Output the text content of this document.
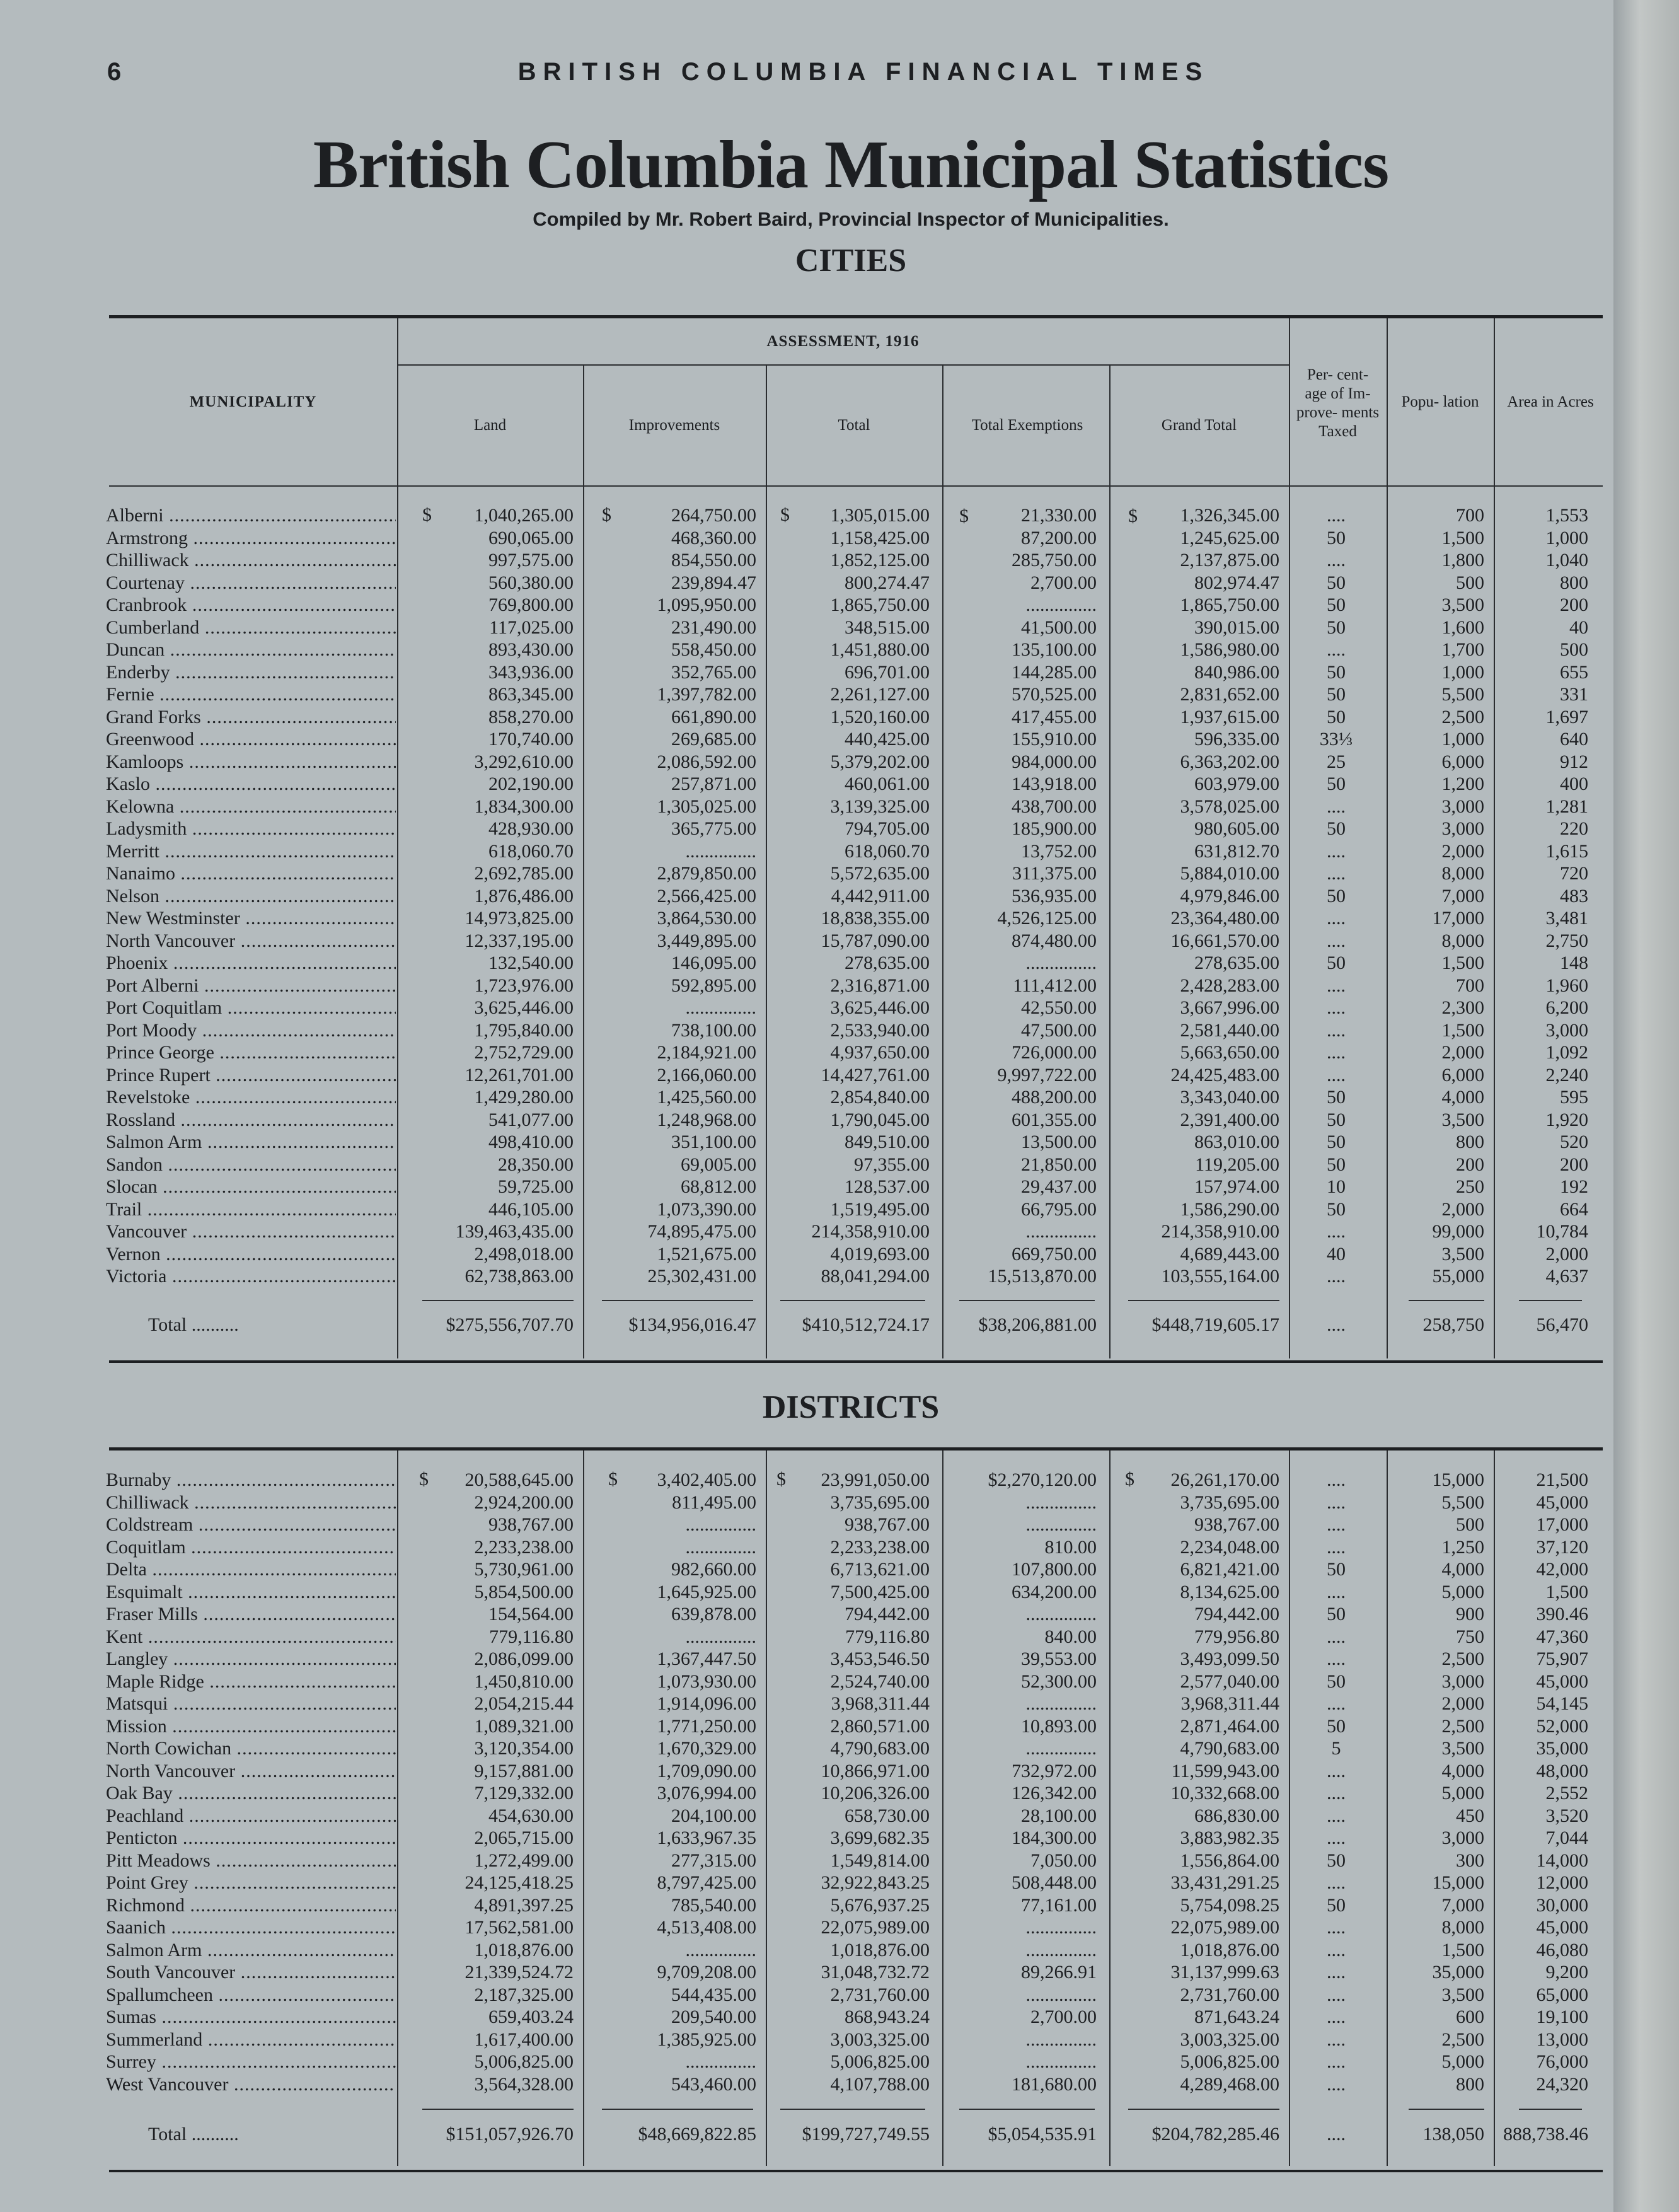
6	BRITISH COLUMBIA FINANCIAL TIMES
British Columbia Municipal Statistics
Compiled by Mr. Robert Baird, Provincial Inspector of Municipalities.
CITIES
MUNICIPALITY
ASSESSMENT, 1916
Land	Improvements	Total	Total Exemptions	Grand Total
Per- cent- age of Im- prove- ments Taxed
Popu- lation	Area in Acres
$	$	$	$	$
Alberni .....	1,040,265.00	264,750.00	1,305,015.00	21,330.00	1,326,345.00	....	700	1,553
Armstrong .....	690,065.00	468,360.00	1,158,425.00	87,200.00	1,245,625.00	50	1,500	1,000
Chilliwack .....	997,575.00	854,550.00	1,852,125.00	285,750.00	2,137,875.00	....	1,800	1,040
Courtenay .....	560,380.00	239,894.47	800,274.47	2,700.00	802,974.47	50	500	800
Cranbrook .....	769,800.00	1,095,950.00	1,865,750.00	...............	1,865,750.00	50	3,500	200
Cumberland .....	117,025.00	231,490.00	348,515.00	41,500.00	390,015.00	50	1,600	40
Duncan .....	893,430.00	558,450.00	1,451,880.00	135,100.00	1,586,980.00	....	1,700	500
Enderby .....	343,936.00	352,765.00	696,701.00	144,285.00	840,986.00	50	1,000	655
Fernie .....	863,345.00	1,397,782.00	2,261,127.00	570,525.00	2,831,652.00	50	5,500	331
Grand Forks .....	858,270.00	661,890.00	1,520,160.00	417,455.00	1,937,615.00	50	2,500	1,697
Greenwood .....	170,740.00	269,685.00	440,425.00	155,910.00	596,335.00	33⅓	1,000	640
Kamloops .....	3,292,610.00	2,086,592.00	5,379,202.00	984,000.00	6,363,202.00	25	6,000	912
Kaslo .....	202,190.00	257,871.00	460,061.00	143,918.00	603,979.00	50	1,200	400
Kelowna .....	1,834,300.00	1,305,025.00	3,139,325.00	438,700.00	3,578,025.00	....	3,000	1,281
Ladysmith .....	428,930.00	365,775.00	794,705.00	185,900.00	980,605.00	50	3,000	220
Merritt .....	618,060.70	...............	618,060.70	13,752.00	631,812.70	....	2,000	1,615
Nanaimo .....	2,692,785.00	2,879,850.00	5,572,635.00	311,375.00	5,884,010.00	....	8,000	720
Nelson .....	1,876,486.00	2,566,425.00	4,442,911.00	536,935.00	4,979,846.00	50	7,000	483
New Westminster .....	14,973,825.00	3,864,530.00	18,838,355.00	4,526,125.00	23,364,480.00	....	17,000	3,481
North Vancouver .....	12,337,195.00	3,449,895.00	15,787,090.00	874,480.00	16,661,570.00	....	8,000	2,750
Phoenix .....	132,540.00	146,095.00	278,635.00	...............	278,635.00	50	1,500	148
Port Alberni .....	1,723,976.00	592,895.00	2,316,871.00	111,412.00	2,428,283.00	....	700	1,960
Port Coquitlam .....	3,625,446.00	...............	3,625,446.00	42,550.00	3,667,996.00	....	2,300	6,200
Port Moody .....	1,795,840.00	738,100.00	2,533,940.00	47,500.00	2,581,440.00	....	1,500	3,000
Prince George .....	2,752,729.00	2,184,921.00	4,937,650.00	726,000.00	5,663,650.00	....	2,000	1,092
Prince Rupert .....	12,261,701.00	2,166,060.00	14,427,761.00	9,997,722.00	24,425,483.00	....	6,000	2,240
Revelstoke .....	1,429,280.00	1,425,560.00	2,854,840.00	488,200.00	3,343,040.00	50	4,000	595
Rossland .....	541,077.00	1,248,968.00	1,790,045.00	601,355.00	2,391,400.00	50	3,500	1,920
Salmon Arm .....	498,410.00	351,100.00	849,510.00	13,500.00	863,010.00	50	800	520
Sandon .....	28,350.00	69,005.00	97,355.00	21,850.00	119,205.00	50	200	200
Slocan .....	59,725.00	68,812.00	128,537.00	29,437.00	157,974.00	10	250	192
Trail .....	446,105.00	1,073,390.00	1,519,495.00	66,795.00	1,586,290.00	50	2,000	664
Vancouver .....	139,463,435.00	74,895,475.00	214,358,910.00	...............	214,358,910.00	....	99,000	10,784
Vernon .....	2,498,018.00	1,521,675.00	4,019,693.00	669,750.00	4,689,443.00	40	3,500	2,000
Victoria .....	62,738,863.00	25,302,431.00	88,041,294.00	15,513,870.00	103,555,164.00	....	55,000	4,637
Total .....	$275,556,707.70	$134,956,016.47	$410,512,724.17	$38,206,881.00	$448,719,605.17	....	258,750	56,470
DISTRICTS
$	$	$	$
Burnaby .....	20,588,645.00	3,402,405.00	23,991,050.00	$2,270,120.00	26,261,170.00	....	15,000	21,500
Chilliwack .....	2,924,200.00	811,495.00	3,735,695.00	...............	3,735,695.00	....	5,500	45,000
Coldstream .....	938,767.00	...............	938,767.00	...............	938,767.00	....	500	17,000
Coquitlam .....	2,233,238.00	...............	2,233,238.00	810.00	2,234,048.00	....	1,250	37,120
Delta .....	5,730,961.00	982,660.00	6,713,621.00	107,800.00	6,821,421.00	50	4,000	42,000
Esquimalt .....	5,854,500.00	1,645,925.00	7,500,425.00	634,200.00	8,134,625.00	....	5,000	1,500
Fraser Mills .....	154,564.00	639,878.00	794,442.00	...............	794,442.00	50	900	390.46
Kent .....	779,116.80	...............	779,116.80	840.00	779,956.80	....	750	47,360
Langley .....	2,086,099.00	1,367,447.50	3,453,546.50	39,553.00	3,493,099.50	....	2,500	75,907
Maple Ridge .....	1,450,810.00	1,073,930.00	2,524,740.00	52,300.00	2,577,040.00	50	3,000	45,000
Matsqui .....	2,054,215.44	1,914,096.00	3,968,311.44	...............	3,968,311.44	....	2,000	54,145
Mission .....	1,089,321.00	1,771,250.00	2,860,571.00	10,893.00	2,871,464.00	50	2,500	52,000
North Cowichan .....	3,120,354.00	1,670,329.00	4,790,683.00	...............	4,790,683.00	5	3,500	35,000
North Vancouver .....	9,157,881.00	1,709,090.00	10,866,971.00	732,972.00	11,599,943.00	....	4,000	48,000
Oak Bay .....	7,129,332.00	3,076,994.00	10,206,326.00	126,342.00	10,332,668.00	....	5,000	2,552
Peachland .....	454,630.00	204,100.00	658,730.00	28,100.00	686,830.00	....	450	3,520
Penticton .....	2,065,715.00	1,633,967.35	3,699,682.35	184,300.00	3,883,982.35	....	3,000	7,044
Pitt Meadows .....	1,272,499.00	277,315.00	1,549,814.00	7,050.00	1,556,864.00	50	300	14,000
Point Grey .....	24,125,418.25	8,797,425.00	32,922,843.25	508,448.00	33,431,291.25	....	15,000	12,000
Richmond .....	4,891,397.25	785,540.00	5,676,937.25	77,161.00	5,754,098.25	50	7,000	30,000
Saanich .....	17,562,581.00	4,513,408.00	22,075,989.00	...............	22,075,989.00	....	8,000	45,000
Salmon Arm .....	1,018,876.00	...............	1,018,876.00	...............	1,018,876.00	....	1,500	46,080
South Vancouver .....	21,339,524.72	9,709,208.00	31,048,732.72	89,266.91	31,137,999.63	....	35,000	9,200
Spallumcheen .....	2,187,325.00	544,435.00	2,731,760.00	...............	2,731,760.00	....	3,500	65,000
Sumas .....	659,403.24	209,540.00	868,943.24	2,700.00	871,643.24	....	600	19,100
Summerland .....	1,617,400.00	1,385,925.00	3,003,325.00	...............	3,003,325.00	....	2,500	13,000
Surrey .....	5,006,825.00	...............	5,006,825.00	...............	5,006,825.00	....	5,000	76,000
West Vancouver .....	3,564,328.00	543,460.00	4,107,788.00	181,680.00	4,289,468.00	....	800	24,320
Total .....	$151,057,926.70	$48,669,822.85	$199,727,749.55	$5,054,535.91	$204,782,285.46	....	138,050 888,738.46
